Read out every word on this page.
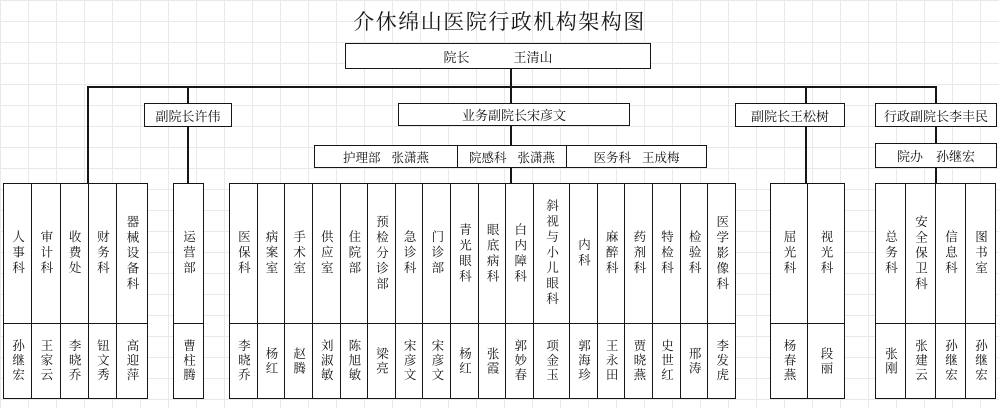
介休绵山医院行政机构架构图
院长	王清山
副院长许伟	业务副院长宋彦文	副院长王松树	行政副院长李丰民
护理部 张潇燕	院感科 张潇燕	医务科 王成梅	院办 孙继宏
人事科
孙继宏
审计科
王家云
收费处
李晓乔
财务科
钮文秀
器械设备科
高迎萍
运营部
曹柱腾
医保科
李晓乔
病案室
杨红
手术室
赵腾
供应室
刘淑敏
住院部
陈旭敏
预检分诊部
梁亮
急诊科
宋彦文
门诊部
宋彦文
青光眼科
杨红
眼底病科
张霞
白内障科
郭妙春
斜视与小儿眼科
项金玉
内科
郭海珍
麻醉科
王永田
药剂科
贾晓燕
特检科
史世红
检验科
邢涛
医学影像科
李发虎
屈光科
杨春燕
视光科
段丽
总务科
张刚
安全保卫科
张建云
信息科
孙继宏
图书室
孙继宏
